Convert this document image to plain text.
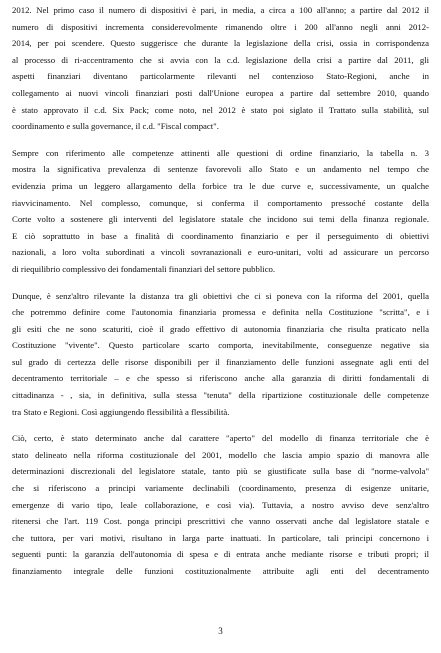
2012. Nel primo caso il numero di dispositivi è pari, in media, a circa a 100 all'anno; a partire dal 2012 il
numero di dispositivi incrementa considerevolmente rimanendo oltre i 200 all'anno negli anni 2012-
2014, per poi scendere. Questo suggerisce che durante la legislazione della crisi, ossia in corrispondenza
al processo di ri-accentramento che si avvia con la c.d. legislazione della crisi a partire dal 2011, gli
aspetti finanziari diventano particolarmente rilevanti nel contenzioso Stato-Regioni, anche in
collegamento ai nuovi vincoli finanziari posti dall'Unione europea a partire dal settembre 2010, quando
è stato approvato il c.d. Six Pack; come noto, nel 2012 è stato poi siglato il Trattato sulla stabilità, sul
coordinamento e sulla governance, il c.d. "Fiscal compact".

Sempre con riferimento alle competenze attinenti alle questioni di ordine finanziario, la tabella n. 3
mostra la significativa prevalenza di sentenze favorevoli allo Stato e un andamento nel tempo che
evidenzia prima un leggero allargamento della forbice tra le due curve e, successivamente, un qualche
riavvicinamento. Nel complesso, comunque, si conferma il comportamento pressoché costante della
Corte volto a sostenere gli interventi del legislatore statale che incidono sui temi della finanza regionale.
E ciò soprattutto in base a finalità di coordinamento finanziario e per il perseguimento di obiettivi
nazionali, a loro volta subordinati a vincoli sovranazionali e euro-unitari, volti ad assicurare un percorso
di riequilibrio complessivo dei fondamentali finanziari del settore pubblico.

Dunque, è senz'altro rilevante la distanza tra gli obiettivi che ci si poneva con la riforma del 2001, quella
che potremmo definire come l'autonomia finanziaria promessa e definita nella Costituzione "scritta", e i
gli esiti che ne sono scaturiti, cioè il grado effettivo di autonomia finanziaria che risulta praticato nella
Costituzione "vivente". Questo particolare scarto comporta, inevitabilmente, conseguenze negative sia
sul grado di certezza delle risorse disponibili per il finanziamento delle funzioni assegnate agli enti del
decentramento territoriale – e che spesso si riferiscono anche alla garanzia di diritti fondamentali di
cittadinanza - , sia, in definitiva, sulla stessa "tenuta" della ripartizione costituzionale delle competenze
tra Stato e Regioni. Così aggiungendo flessibilità a flessibilità.

Ciò, certo, è stato determinato anche dal carattere "aperto" del modello di finanza territoriale che è
stato delineato nella riforma costituzionale del 2001, modello che lascia ampio spazio di manovra alle
determinazioni discrezionali del legislatore statale, tanto più se giustificate sulla base di "norme-valvola"
che si riferiscono a principi variamente declinabili (coordinamento, presenza di esigenze unitarie,
emergenze di vario tipo, leale collaborazione, e così via). Tuttavia, a nostro avviso deve senz'altro
ritenersi che l'art. 119 Cost. ponga principi prescrittivi che vanno osservati anche dal legislatore statale e
che tuttora, per vari motivi, risultano in larga parte inattuati. In particolare, tali principi concernono i
seguenti punti: la garanzia dell'autonomia di spesa e di entrata anche mediante risorse e tributi propri; il
finanziamento integrale delle funzioni costituzionalmente attribuite agli enti del decentramento

3
